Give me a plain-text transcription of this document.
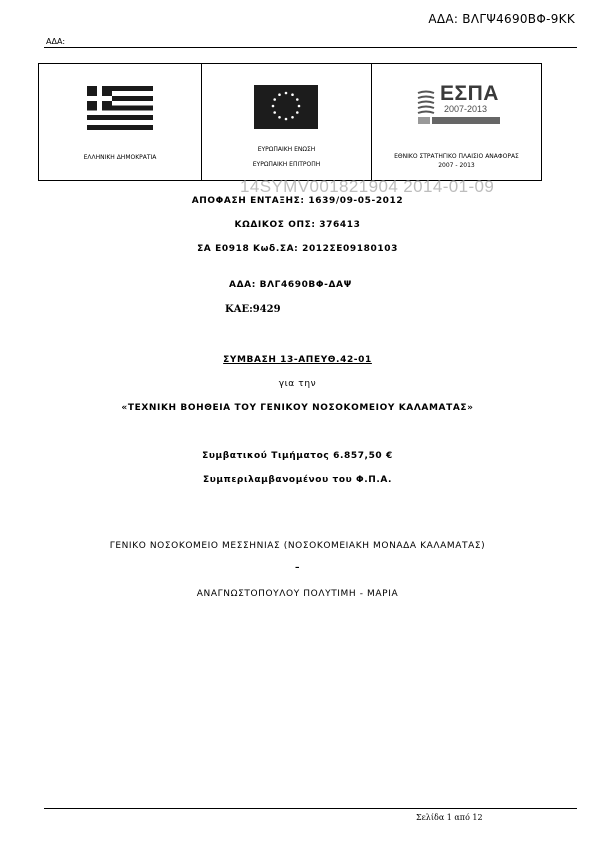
ΑΔΑ: ΒΛΓΨ4690ΒΦ-9ΚΚ
ΑΔΑ:
ΕΛΛΗΝΙΚΗ ΔΗΜΟΚΡΑΤΙΑ
ΕΥΡΩΠΑΙΚΗ ΕΝΩΣΗ
ΕΥΡΩΠΑΙΚΗ ΕΠΙΤΡΟΠΗ
ΕΣΠΑ
2007-2013
ΕΘΝΙΚΟ ΣΤΡΑΤΗΓΙΚΟ ΠΛΑΙΣΙΟ ΑΝΑΦΟΡΑΣ
2007 - 2013
14SYMV001821904 2014-01-09
ΑΠΟΦΑΣΗ ΕΝΤΑΞΗΣ: 1639/09-05-2012
ΚΩΔΙΚΟΣ ΟΠΣ: 376413
ΣΑ Ε0918 Κωδ.ΣΑ: 2012ΣΕ09180103
ΑΔΑ: ΒΛΓ4690ΒΦ-ΔΑΨ
ΚΑΕ:9429
ΣΥΜΒΑΣΗ 13-ΑΠΕΥΘ.42-01
για την
«ΤΕΧΝΙΚΗ ΒΟΗΘΕΙΑ ΤΟΥ ΓΕΝΙΚΟΥ ΝΟΣΟΚΟΜΕΙΟΥ ΚΑΛΑΜΑΤΑΣ»
Συμβατικού Τιμήματος 6.857,50 €
Συμπεριλαμβανομένου του Φ.Π.Α.
ΓΕΝΙΚΟ ΝΟΣΟΚΟΜΕΙΟ ΜΕΣΣΗΝΙΑΣ (ΝΟΣΟΚΟΜΕΙΑΚΗ ΜΟΝΑΔΑ ΚΑΛΑΜΑΤΑΣ)
–
ΑΝΑΓΝΩΣΤΟΠΟΥΛΟΥ ΠΟΛΥΤΙΜΗ - ΜΑΡΙΑ
Σελίδα 1 από 12
